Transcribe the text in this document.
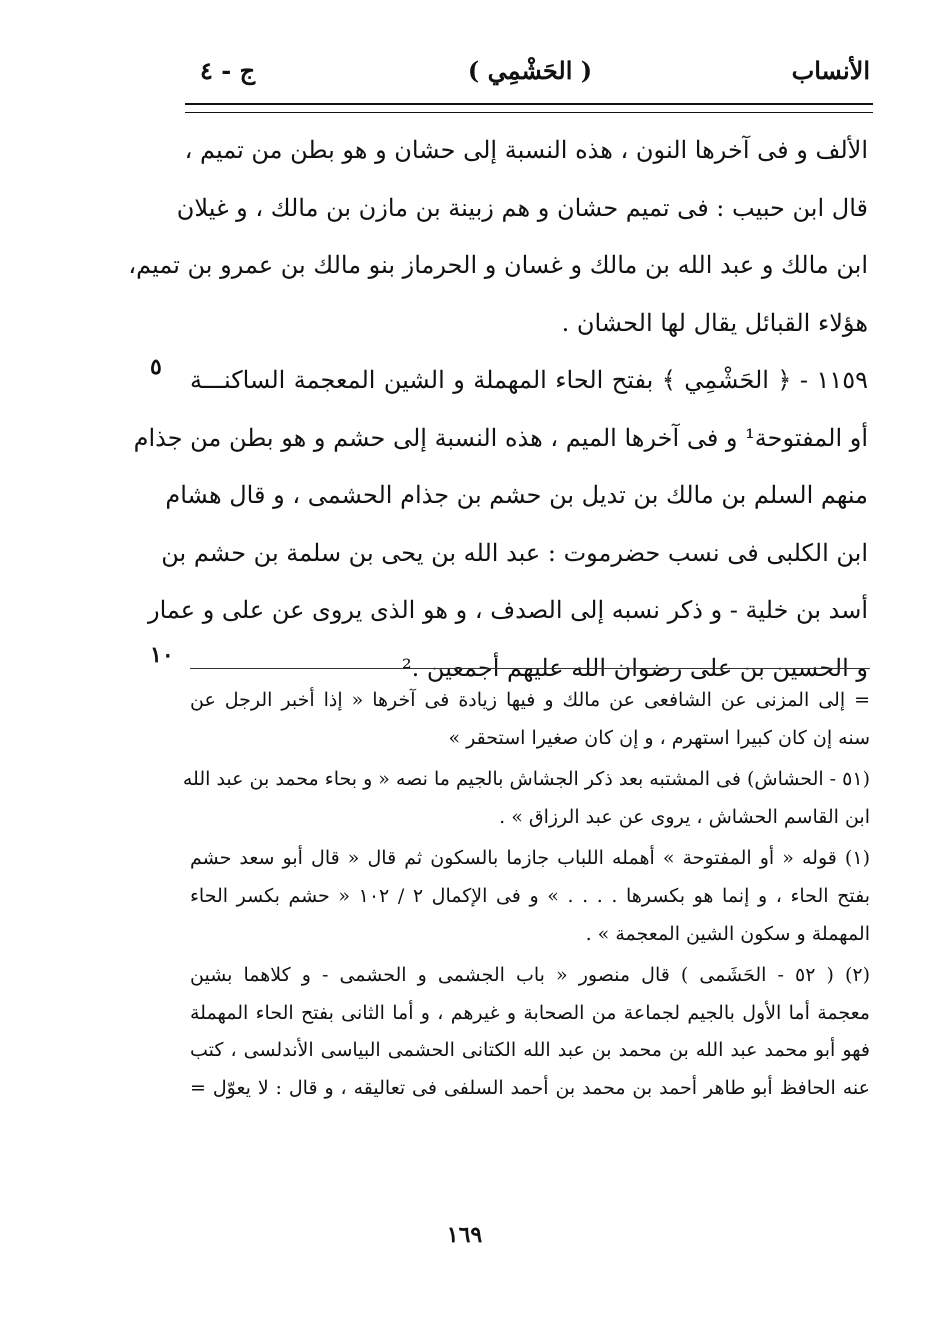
( الحَشْمِي )	الأنساب
ج - ٤
الألف و فى آخرها النون ، هذه النسبة إلى حشان و هو بطن من تميم ،
قال ابن حبيب : فى تميم حشان و هم زبينة بن مازن بن مالك ، و غيلان
ابن مالك و عبد الله بن مالك و غسان و الحرماز بنو مالك بن عمرو بن تميم،
هؤلاء القبائل يقال لها الحشان .
١١٥٩ - ﴿ الحَشْمِي ﴾ بفتح الحاء المهملة و الشين المعجمة الساكنـــة
أو المفتوحة¹ و فى آخرها الميم ، هذه النسبة إلى حشم و هو بطن من جذام
منهم السلم بن مالك بن تديل بن حشم بن جذام الحشمى ، و قال هشام
ابن الكلبى فى نسب حضرموت : عبد الله بن يحى بن سلمة بن حشم بن
أسد بن خلية - و ذكر نسبه إلى الصدف ، و هو الذى يروى عن على و عمار
و الحسين بن على رضوان الله عليهم أجمعين .²
٥
١٠
= إلى المزنى عن الشافعى عن مالك و فيها زيادة فى آخرها « إذا أخبر الرجل عن
سنه إن كان كبيرا استهرم ، و إن كان صغيرا استحقر »
(٥١ - الحشاش) فى المشتبه بعد ذكر الجشاش بالجيم ما نصه « و بحاء محمد بن عبد الله
ابن القاسم الحشاش ، يروى عن عبد الرزاق » .
(١) قوله « أو المفتوحة » أهمله اللباب جازما بالسكون ثم قال « قال أبو سعد حشم
بفتح الحاء ، و إنما هو بكسرها . . . . » و فى الإكمال ٢ / ١٠٢ « حشم بكسر الحاء
المهملة و سكون الشين المعجمة » .
(٢) ( ٥٢ - الحَشَمى ) قال منصور « باب الجشمى و الحشمى - و كلاهما بشين
معجمة أما الأول بالجيم لجماعة من الصحابة و غيرهم ، و أما الثانى بفتح الحاء المهملة
فهو أبو محمد عبد الله بن محمد بن عبد الله الكتانى الحشمى البياسى الأندلسى ، كتب
عنه الحافظ أبو طاهر أحمد بن محمد بن أحمد السلفى فى تعاليقه ، و قال : لا يعوّل =
١٦٩
